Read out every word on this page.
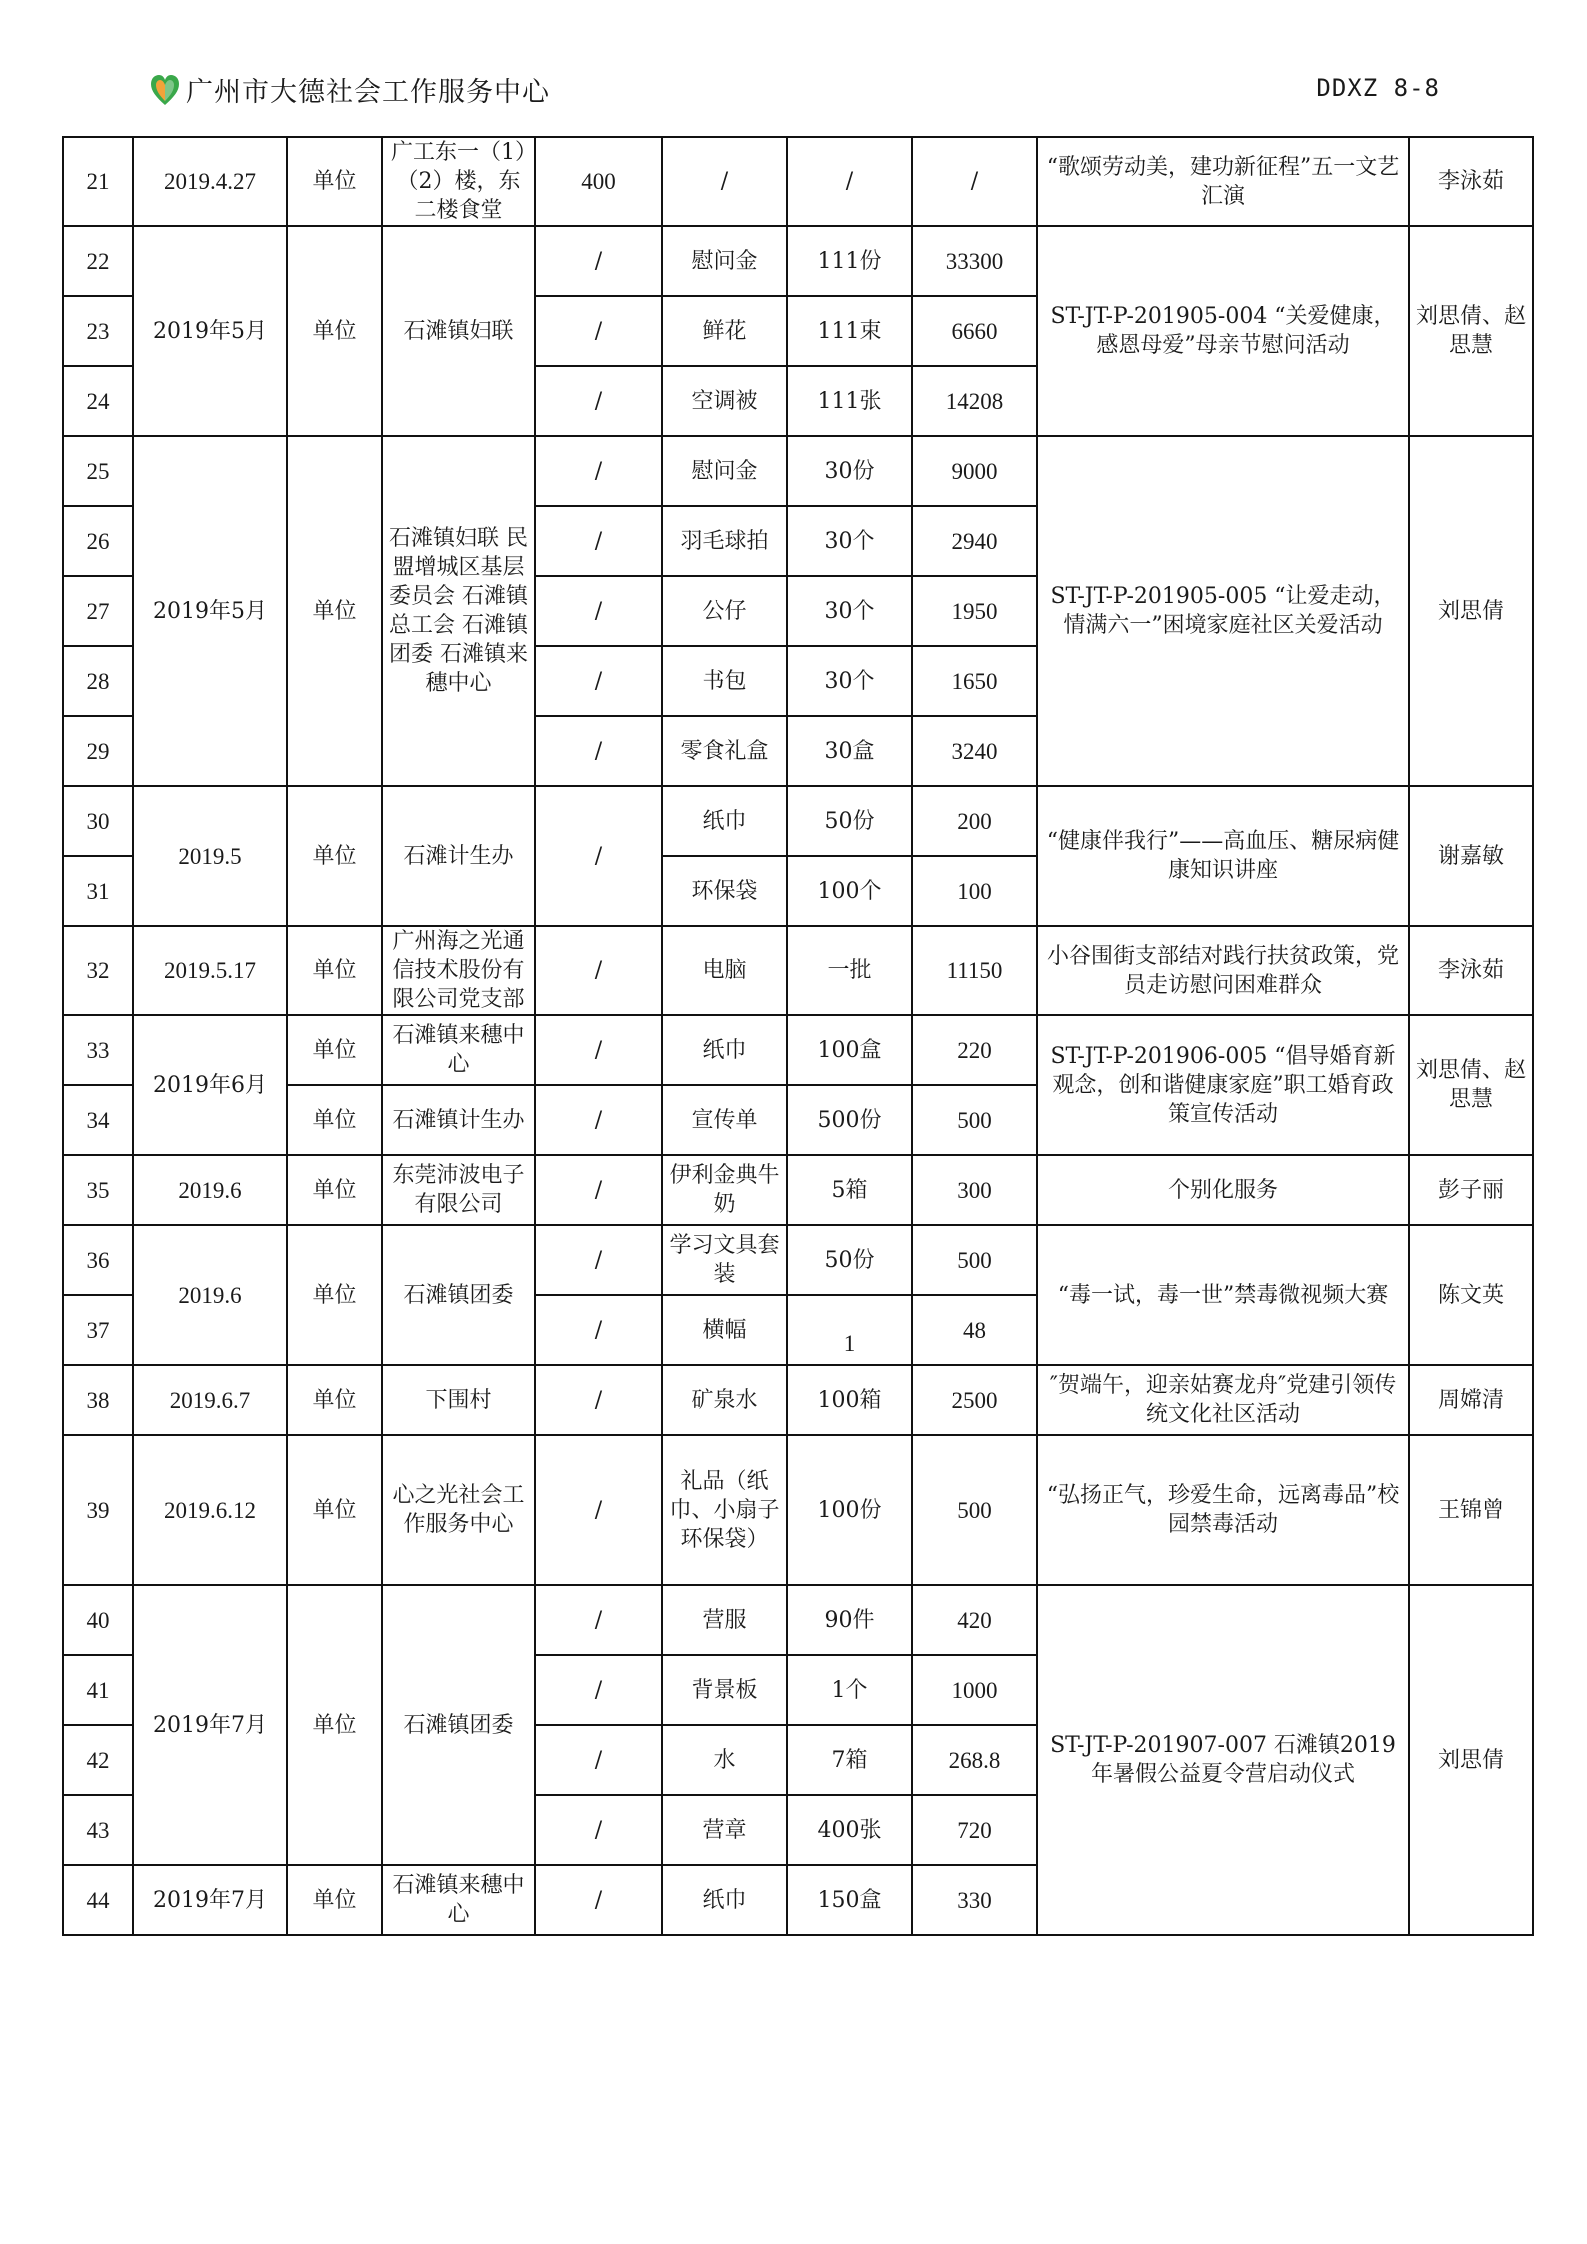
广州市大德社会工作服务中心	DDXZ 8-8
21	2019.4.27	单位	广工东一（1）（2）楼，东二楼食堂	400	/	/	/	“歌颂劳动美，建功新征程”五一文艺汇演	李泳茹
22	2019年5月	单位	石滩镇妇联	/	慰问金	111份	33300	ST-JT-P-201905-004 “关爱健康，感恩母爱”母亲节慰问活动	刘思倩、赵思慧
23				/	鲜花	111束	6660		
24				/	空调被	111张	14208		
25	2019年5月	单位	石滩镇妇联 民盟增城区基层委员会 石滩镇总工会 石滩镇团委 石滩镇来穗中心	/	慰问金	30份	9000	ST-JT-P-201905-005 “让爱走动，情满六一”困境家庭社区关爱活动	刘思倩
26				/	羽毛球拍	30个	2940		
27				/	公仔	30个	1950		
28				/	书包	30个	1650		
29				/	零食礼盒	30盒	3240		
30	2019.5	单位	石滩计生办	/	纸巾	50份	200	“健康伴我行”——高血压、糖尿病健康知识讲座	谢嘉敏
31					环保袋	100个	100		
32	2019.5.17	单位	广州海之光通信技术股份有限公司党支部	/	电脑	一批	11150	小谷围街支部结对践行扶贫政策，党员走访慰问困难群众	李泳茹
33	2019年6月	单位	石滩镇来穗中心	/	纸巾	100盒	220	ST-JT-P-201906-005 “倡导婚育新观念，创和谐健康家庭”职工婚育政策宣传活动	刘思倩、赵思慧
34		单位	石滩镇计生办	/	宣传单	500份	500		
35	2019.6	单位	东莞沛波电子有限公司	/	伊利金典牛奶	5箱	300	个别化服务	彭子丽
36	2019.6	单位	石滩镇团委	/	学习文具套装	50份	500	“毒一试，毒一世”禁毒微视频大赛	陈文英
37				/	横幅	1	48		
38	2019.6.7	单位	下围村	/	矿泉水	100箱	2500	″贺端午，迎亲姑赛龙舟″党建引领传统文化社区活动	周嫦清
39	2019.6.12	单位	心之光社会工作服务中心	/	礼品（纸巾、小扇子环保袋）	100份	500	“弘扬正气，珍爱生命，远离毒品”校园禁毒活动	王锦曾
40	2019年7月	单位	石滩镇团委	/	营服	90件	420	ST-JT-P-201907-007 石滩镇2019年暑假公益夏令营启动仪式	刘思倩
41				/	背景板	1个	1000		
42				/	水	7箱	268.8		
43				/	营章	400张	720		
44	2019年7月	单位	石滩镇来穗中心	/	纸巾	150盒	330		
